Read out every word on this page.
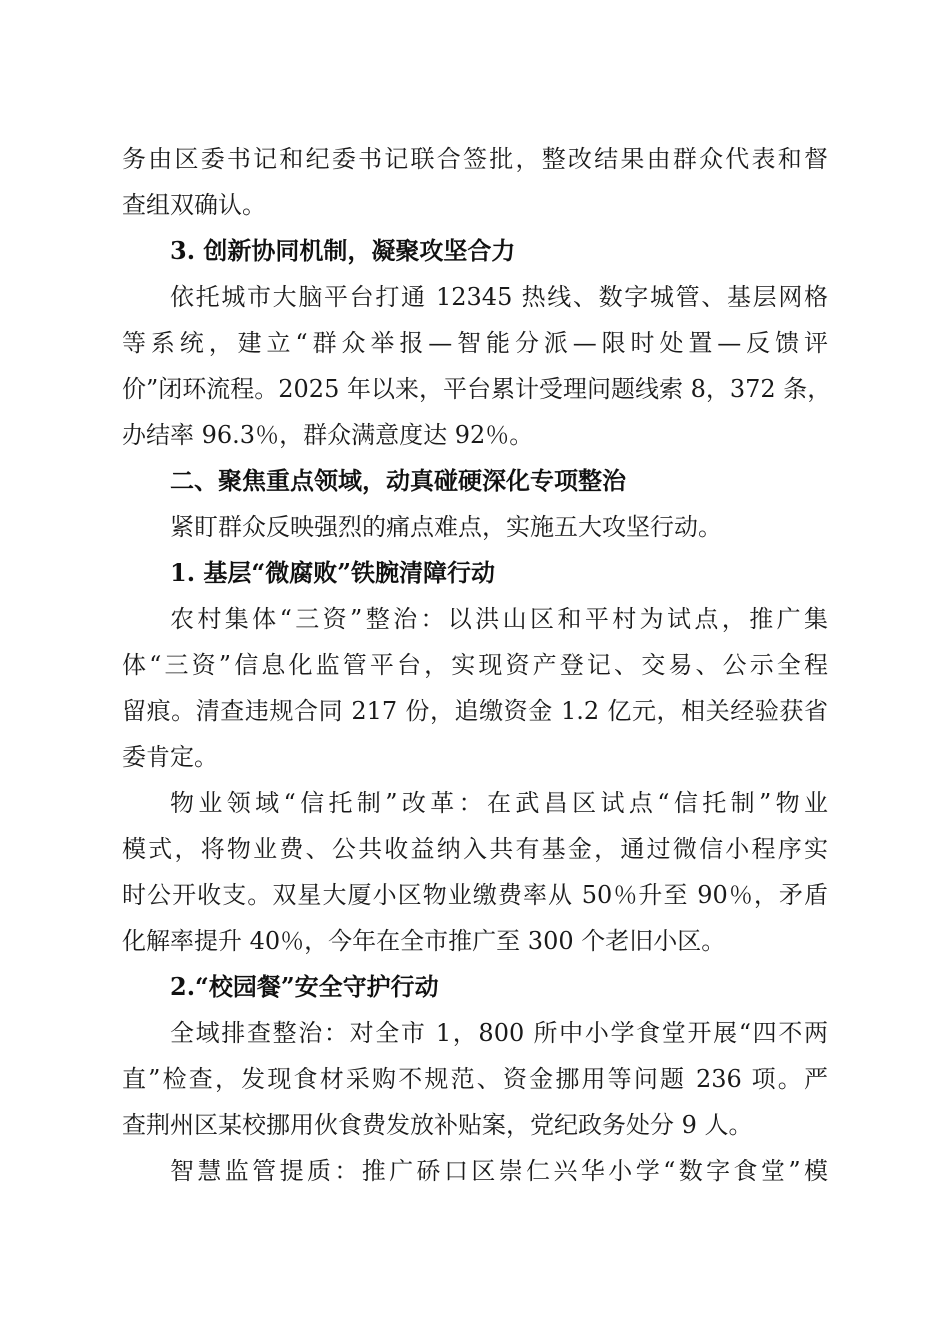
务由区委书记和纪委书记联合签批，整改结果由群众代表和督
查组双确认。
3. 创新协同机制，凝聚攻坚合力
依托城市大脑平台打通 12345 热线、数字城管、基层网格
等系统，建立“群众举报—智能分派—限时处置—反馈评
价”闭环流程。2025 年以来，平台累计受理问题线索 8，372 条，
办结率 96.3％，群众满意度达 92％。
二、聚焦重点领域，动真碰硬深化专项整治
紧盯群众反映强烈的痛点难点，实施五大攻坚行动。
1. 基层“微腐败”铁腕清障行动
农村集体“三资”整治：以洪山区和平村为试点，推广集
体“三资”信息化监管平台，实现资产登记、交易、公示全程
留痕。清查违规合同 217 份，追缴资金 1.2 亿元，相关经验获省
委肯定。
物业领域“信托制”改革：在武昌区试点“信托制”物业
模式，将物业费、公共收益纳入共有基金，通过微信小程序实
时公开收支。双星大厦小区物业缴费率从 50％升至 90％，矛盾
化解率提升 40％，今年在全市推广至 300 个老旧小区。
2.“校园餐”安全守护行动
全域排查整治：对全市 1，800 所中小学食堂开展“四不两
直”检查，发现食材采购不规范、资金挪用等问题 236 项。严
查荆州区某校挪用伙食费发放补贴案，党纪政务处分 9 人。
智慧监管提质：推广硚口区崇仁兴华小学“数字食堂”模
